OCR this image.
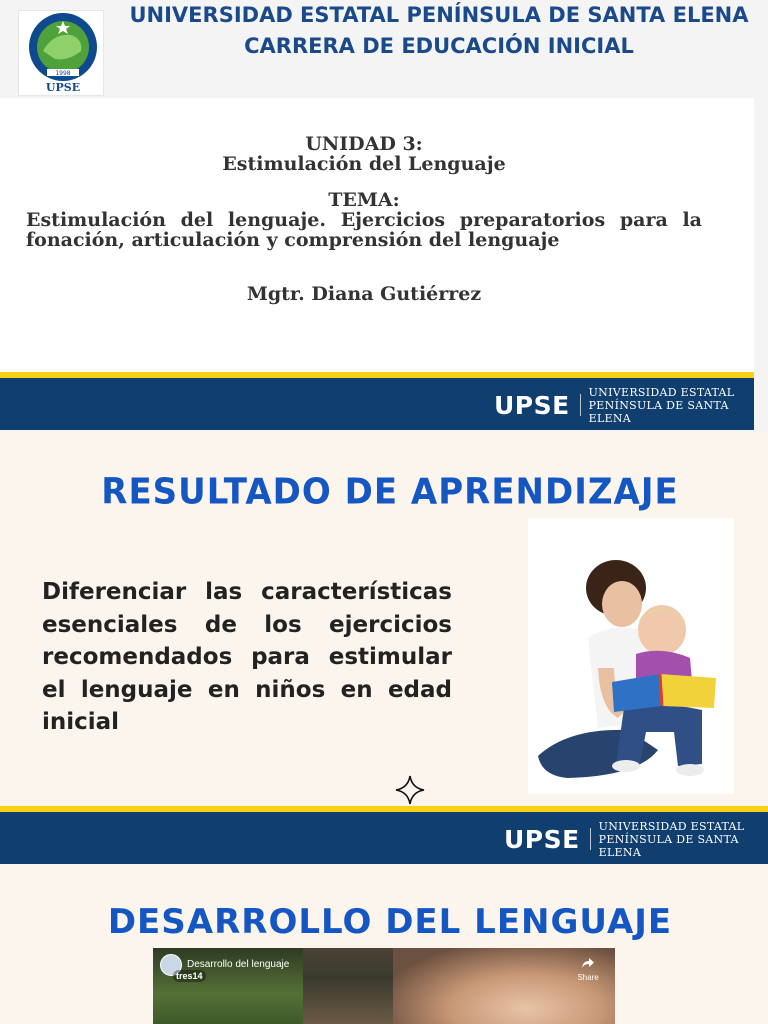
1998
UPSE
UNIVERSIDAD ESTATAL PENÍNSULA DE SANTA ELENA
CARRERA DE EDUCACIÓN INICIAL
UNIDAD 3:
Estimulación del Lenguaje
TEMA:
Estimulación del lenguaje. Ejercicios preparatorios para la fonación, articulación y comprensión del lenguaje
Mgtr. Diana Gutiérrez
UPSE UNIVERSIDAD ESTATAL
PENÍNSULA DE SANTA ELENA
RESULTADO DE APRENDIZAJE
Diferenciar las características esenciales de los ejercicios recomendados para estimular el lenguaje en niños en edad inicial
UPSE UNIVERSIDAD ESTATAL
PENÍNSULA DE SANTA ELENA
DESARROLLO DEL LENGUAJE
Desarrollo del lenguaje
tres14	Share
